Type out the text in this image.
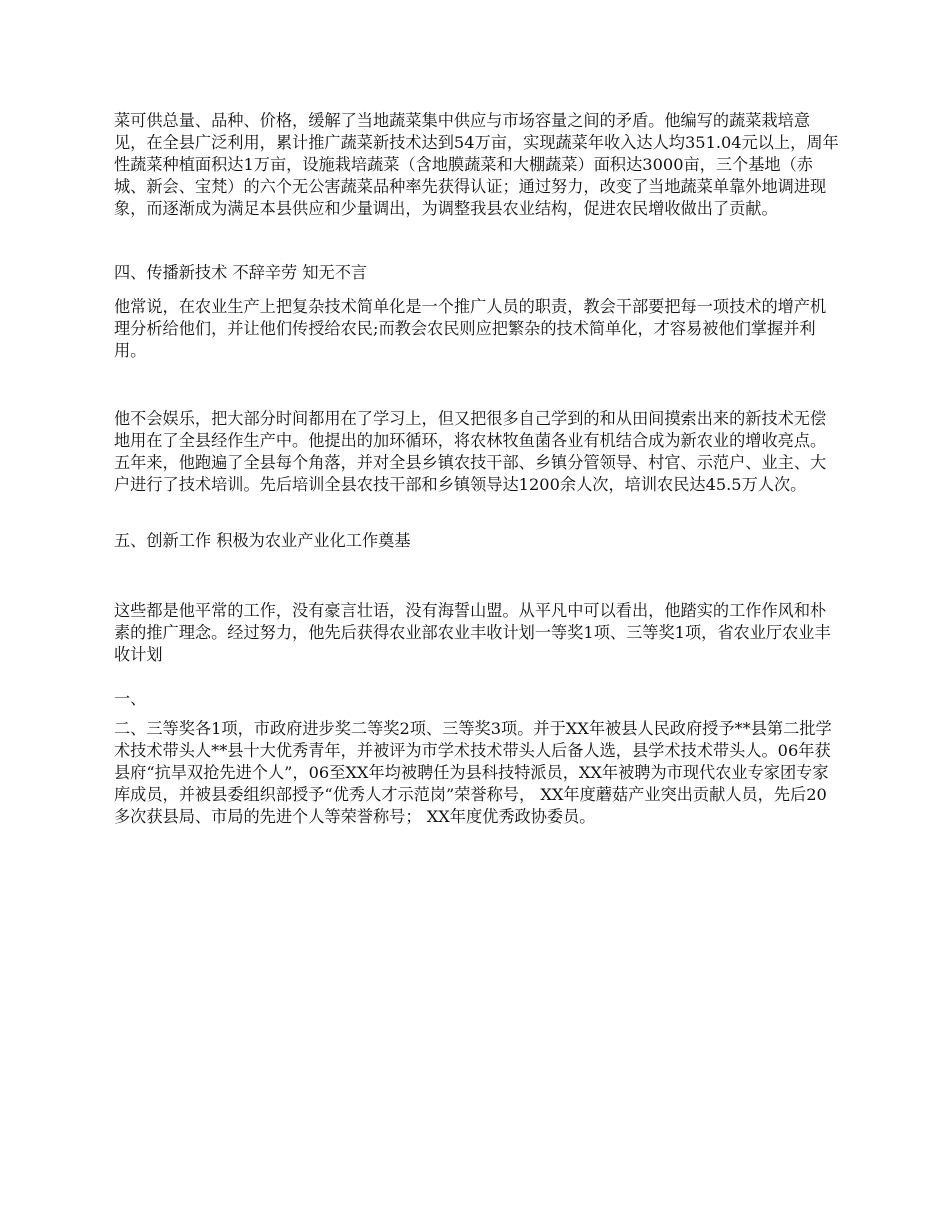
菜可供总量、品种、价格，缓解了当地蔬菜集中供应与市场容量之间的矛盾。他编写的蔬菜栽培意见，在全县广泛利用，累计推广蔬菜新技术达到54万亩，实现蔬菜年收入达人均351.04元以上，周年性蔬菜种植面积达1万亩，设施栽培蔬菜（含地膜蔬菜和大棚蔬菜）面积达3000亩，三个基地（赤城、新会、宝梵）的六个无公害蔬菜品种率先获得认证；通过努力，改变了当地蔬菜单靠外地调进现象，而逐渐成为满足本县供应和少量调出，为调整我县农业结构，促进农民增收做出了贡献。

四、传播新技术 不辞辛劳 知无不言

他常说，在农业生产上把复杂技术简单化是一个推广人员的职责，教会干部要把每一项技术的增产机理分析给他们，并让他们传授给农民;而教会农民则应把繁杂的技术简单化，才容易被他们掌握并利用。

他不会娱乐，把大部分时间都用在了学习上，但又把很多自己学到的和从田间摸索出来的新技术无偿地用在了全县经作生产中。他提出的加环循环，将农林牧鱼菌各业有机结合成为新农业的增收亮点。五年来，他跑遍了全县每个角落，并对全县乡镇农技干部、乡镇分管领导、村官、示范户、业主、大户进行了技术培训。先后培训全县农技干部和乡镇领导达1200余人次，培训农民达45.5万人次。

五、创新工作 积极为农业产业化工作奠基

这些都是他平常的工作，没有豪言壮语，没有海誓山盟。从平凡中可以看出，他踏实的工作作风和朴素的推广理念。经过努力，他先后获得农业部农业丰收计划一等奖1项、三等奖1项，省农业厅农业丰收计划

一、

二、三等奖各1项，市政府进步奖二等奖2项、三等奖3项。并于XX年被县人民政府授予**县第二批学术技术带头人**县十大优秀青年，并被评为市学术技术带头人后备人选，县学术技术带头人。06年获县府“抗旱双抢先进个人”，06至XX年均被聘任为县科技特派员，XX年被聘为市现代农业专家团专家库成员，并被县委组织部授予“优秀人才示范岗”荣誉称号， XX年度蘑菇产业突出贡献人员，先后20多次获县局、市局的先进个人等荣誉称号； XX年度优秀政协委员。
